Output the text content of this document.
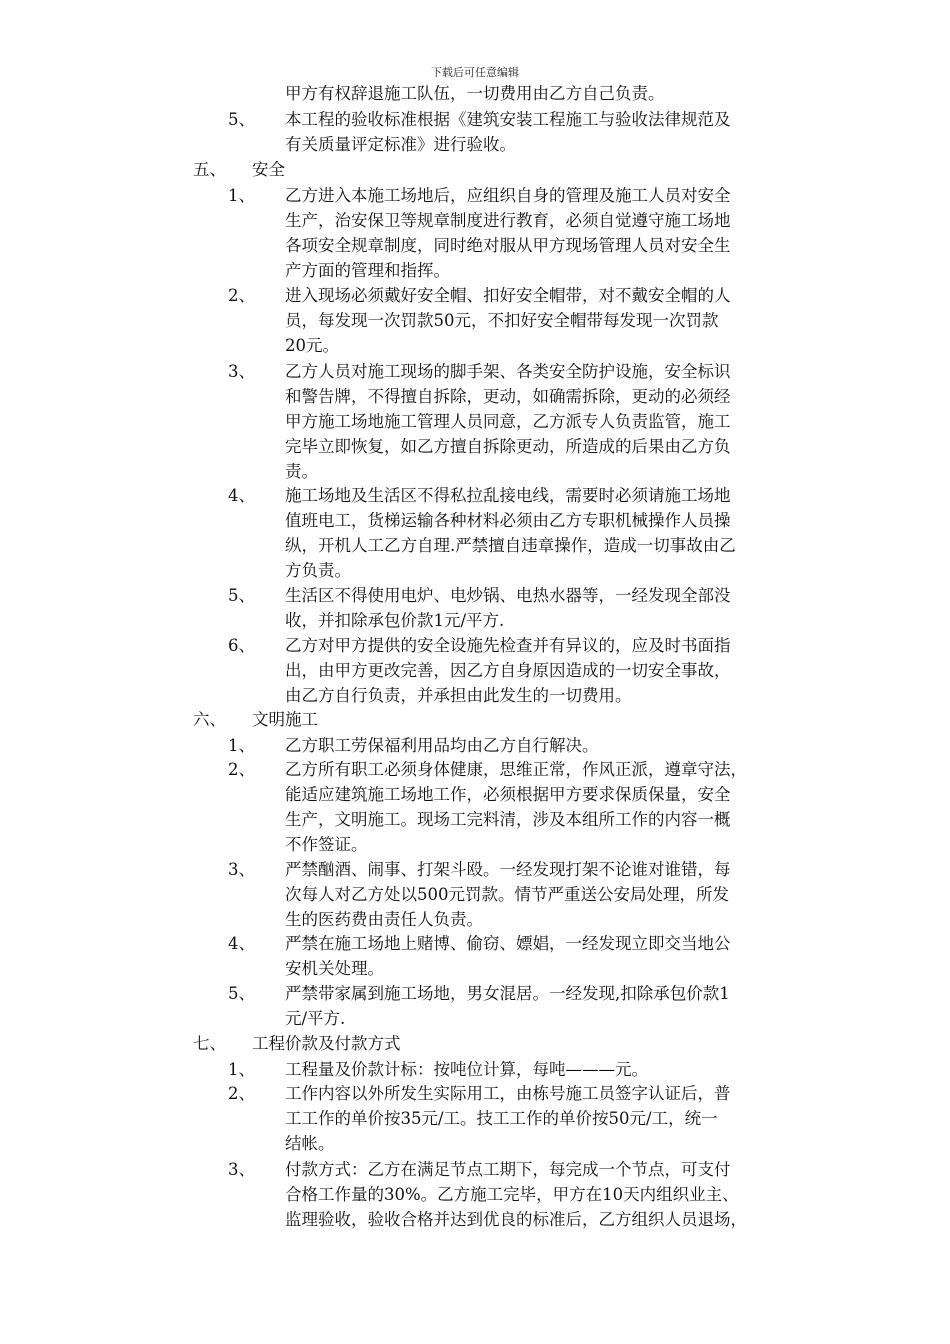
下载后可任意编辑
甲方有权辞退施工队伍，一切费用由乙方自己负责。
5、 本工程的验收标准根据《建筑安装工程施工与验收法律规范及
有关质量评定标准》进行验收。
五、 安全
1、 乙方进入本施工场地后，应组织自身的管理及施工人员对安全
生产，治安保卫等规章制度进行教育，必须自觉遵守施工场地
各项安全规章制度，同时绝对服从甲方现场管理人员对安全生
产方面的管理和指挥。
2、 进入现场必须戴好安全帽、扣好安全帽带，对不戴安全帽的人
员，每发现一次罚款50元，不扣好安全帽带每发现一次罚款
20元。
3、 乙方人员对施工现场的脚手架、各类安全防护设施，安全标识
和警告牌，不得擅自拆除，更动，如确需拆除，更动的必须经
甲方施工场地施工管理人员同意，乙方派专人负责监管，施工
完毕立即恢复，如乙方擅自拆除更动，所造成的后果由乙方负
责。
4、 施工场地及生活区不得私拉乱接电线，需要时必须请施工场地
值班电工，货梯运输各种材料必须由乙方专职机械操作人员操
纵，开机人工乙方自理.严禁擅自违章操作，造成一切事故由乙
方负责。
5、 生活区不得使用电炉、电炒锅、电热水器等，一经发现全部没
收，并扣除承包价款1元/平方.
6、 乙方对甲方提供的安全设施先检查并有异议的，应及时书面指
出，由甲方更改完善，因乙方自身原因造成的一切安全事故，
由乙方自行负责，并承担由此发生的一切费用。
六、 文明施工
1、 乙方职工劳保福利用品均由乙方自行解决。
2、 乙方所有职工必须身体健康，思维正常，作风正派，遵章守法，
能适应建筑施工场地工作，必须根据甲方要求保质保量，安全
生产，文明施工。现场工完料清，涉及本组所工作的内容一概
不作签证。
3、 严禁酗酒、闹事、打架斗殴。一经发现打架不论谁对谁错，每
次每人对乙方处以500元罚款。情节严重送公安局处理，所发
生的医药费由责任人负责。
4、 严禁在施工场地上赌博、偷窃、嫖娼，一经发现立即交当地公
安机关处理。
5、 严禁带家属到施工场地，男女混居。一经发现,扣除承包价款1
元/平方.
七、 工程价款及付款方式
1、 工程量及价款计标：按吨位计算，每吨———元。
2、 工作内容以外所发生实际用工，由栋号施工员签字认证后，普
工工作的单价按35元/工。技工工作的单价按50元/工，统一
结帐。
3、 付款方式：乙方在满足节点工期下，每完成一个节点，可支付
合格工作量的30%。乙方施工完毕，甲方在10天内组织业主、
监理验收，验收合格并达到优良的标准后，乙方组织人员退场，
